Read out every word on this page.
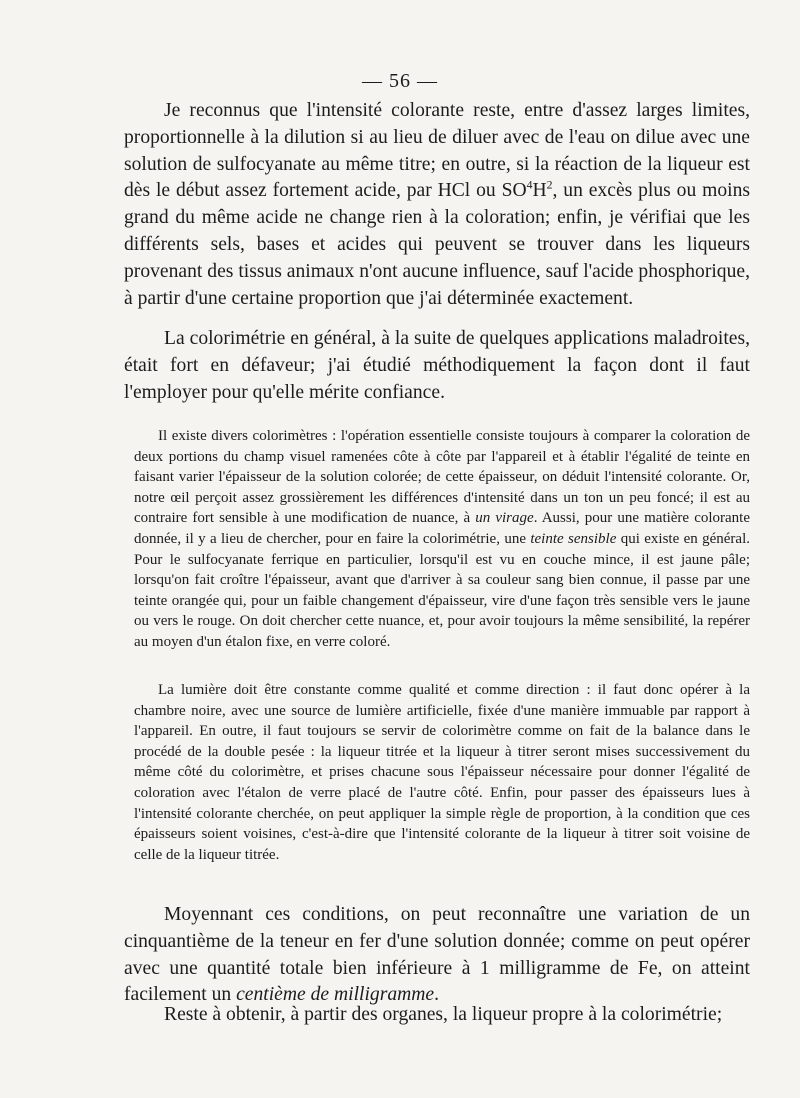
— 56 —

Je reconnus que l'intensité colorante reste, entre d'assez larges limites, proportionnelle à la dilution si au lieu de diluer avec de l'eau on dilue avec une solution de sulfocyanate au même titre; en outre, si la réaction de la liqueur est dès le début assez fortement acide, par HCl ou $SO^4H^2$, un excès plus ou moins grand du même acide ne change rien à la coloration; enfin, je vérifiai que les différents sels, bases et acides qui peuvent se trouver dans les liqueurs provenant des tissus animaux n'ont aucune influence, sauf l'acide phosphorique, à partir d'une certaine proportion que j'ai déterminée exactement.

La colorimétrie en général, à la suite de quelques applications maladroites, était fort en défaveur; j'ai étudié méthodiquement la façon dont il faut l'employer pour qu'elle mérite confiance.

Il existe divers colorimètres : l'opération essentielle consiste toujours à comparer la coloration de deux portions du champ visuel ramenées côte à côte par l'appareil et à établir l'égalité de teinte en faisant varier l'épaisseur de la solution colorée; de cette épaisseur, on déduit l'intensité colorante. Or, notre œil perçoit assez grossièrement les différences d'intensité dans un ton un peu foncé; il est au contraire fort sensible à une modification de nuance, à un virage. Aussi, pour une matière colorante donnée, il y a lieu de chercher, pour en faire la colorimétrie, une teinte sensible qui existe en général. Pour le sulfocyanate ferrique en particulier, lorsqu'il est vu en couche mince, il est jaune pâle; lorsqu'on fait croître l'épaisseur, avant que d'arriver à sa couleur sang bien connue, il passe par une teinte orangée qui, pour un faible changement d'épaisseur, vire d'une façon très sensible vers le jaune ou vers le rouge. On doit chercher cette nuance, et, pour avoir toujours la même sensibilité, la repérer au moyen d'un étalon fixe, en verre coloré.

La lumière doit être constante comme qualité et comme direction : il faut donc opérer à la chambre noire, avec une source de lumière artificielle, fixée d'une manière immuable par rapport à l'appareil. En outre, il faut toujours se servir de colorimètre comme on fait de la balance dans le procédé de la double pesée : la liqueur titrée et la liqueur à titrer seront mises successivement du même côté du colorimètre, et prises chacune sous l'épaisseur nécessaire pour donner l'égalité de coloration avec l'étalon de verre placé de l'autre côté. Enfin, pour passer des épaisseurs lues à l'intensité colorante cherchée, on peut appliquer la simple règle de proportion, à la condition que ces épaisseurs soient voisines, c'est-à-dire que l'intensité colorante de la liqueur à titrer soit voisine de celle de la liqueur titrée.

Moyennant ces conditions, on peut reconnaître une variation de un cinquantième de la teneur en fer d'une solution donnée; comme on peut opérer avec une quantité totale bien inférieure à 1 milligramme de Fe, on atteint facilement un centième de milligramme.

Reste à obtenir, à partir des organes, la liqueur propre à la colorimétrie;
